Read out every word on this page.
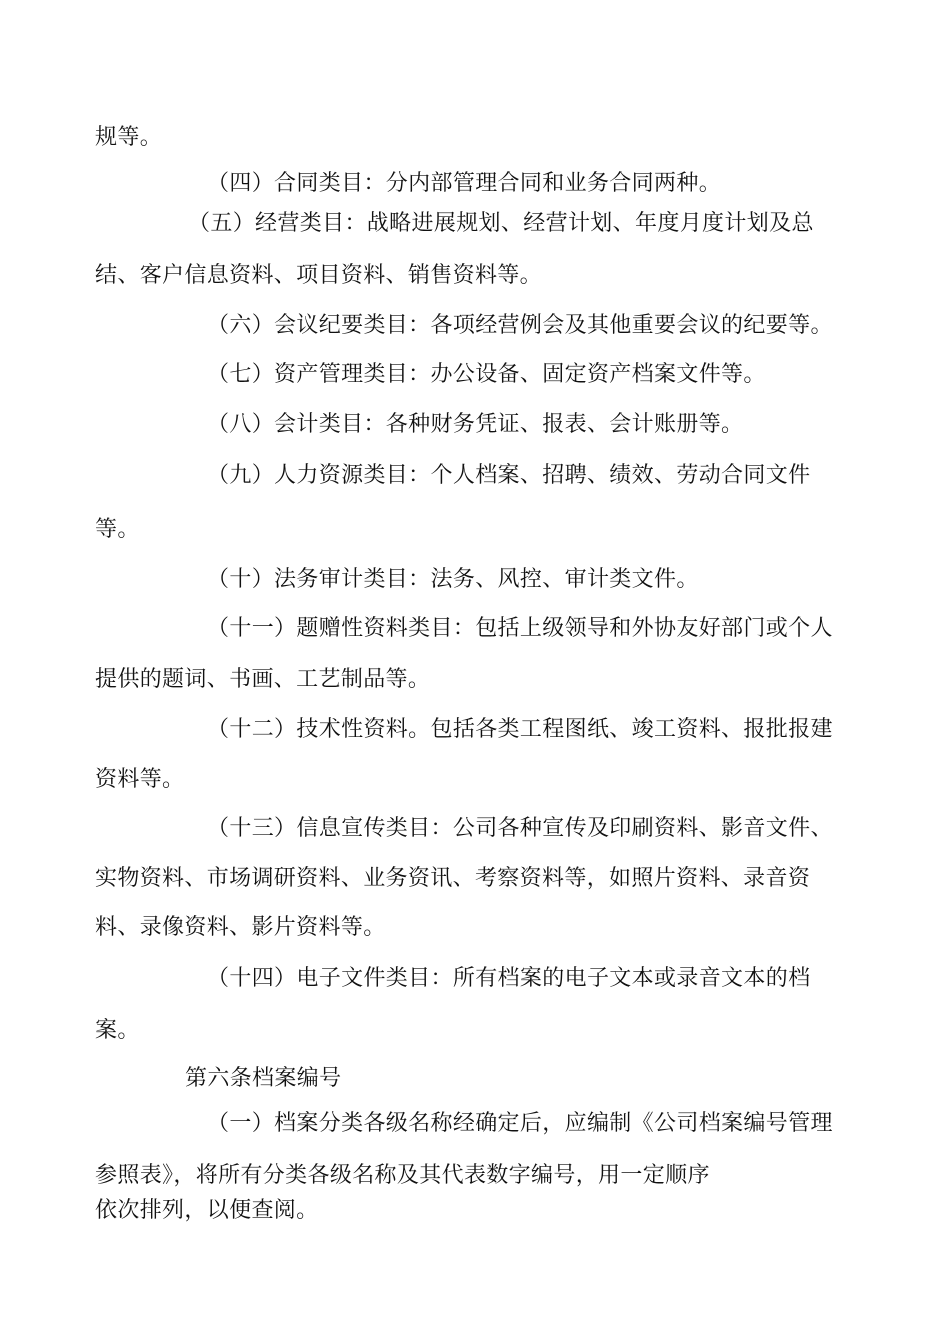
规等。
（四）合同类目：分内部管理合同和业务合同两种。
（五）经营类目：战略进展规划、经营计划、年度月度计划及总
结、客户信息资料、项目资料、销售资料等。
（六）会议纪要类目：各项经营例会及其他重要会议的纪要等。
（七）资产管理类目：办公设备、固定资产档案文件等。
（八）会计类目：各种财务凭证、报表、会计账册等。
（九）人力资源类目：个人档案、招聘、绩效、劳动合同文件
等。
（十）法务审计类目：法务、风控、审计类文件。
（十一）题赠性资料类目：包括上级领导和外协友好部门或个人
提供的题词、书画、工艺制品等。
（十二）技术性资料。包括各类工程图纸、竣工资料、报批报建
资料等。
（十三）信息宣传类目：公司各种宣传及印刷资料、影音文件、
实物资料、市场调研资料、业务资讯、考察资料等，如照片资料、录音资
料、录像资料、影片资料等。
（十四）电子文件类目：所有档案的电子文本或录音文本的档
案。
第六条档案编号
（一）档案分类各级名称经确定后，应编制《公司档案编号管理
参照表》，将所有分类各级名称及其代表数字编号，用一定顺序
依次排列，以便查阅。
